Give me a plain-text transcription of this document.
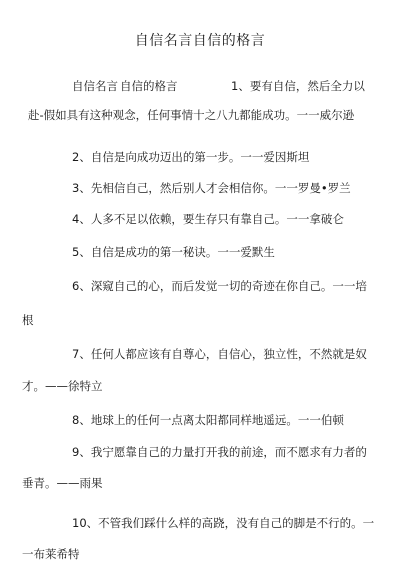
自信名言自信的格言
自信名言 自信的格言	1、要有自信，然后全力以
赴-假如具有这种观念，任何事情十之八九都能成功。一一威尔逊
2、自信是向成功迈出的第一步。一一爱因斯坦
3、先相信自己，然后别人才会相信你。一一罗曼•罗兰
4、人多不足以依赖，要生存只有靠自己。一一拿破仑
5、自信是成功的第一秘诀。一一爱默生
6、深窥自己的心，而后发觉一切的奇迹在你自己。一一培
根
7、任何人都应该有自尊心，自信心，独立性，不然就是奴
才。——徐特立
8、地球上的任何一点离太阳都同样地遥远。一一伯顿
9、我宁愿靠自己的力量打开我的前途，而不愿求有力者的
垂青。——雨果
10、不管我们踩什么样的高跷，没有自己的脚是不行的。一
一布莱希特
